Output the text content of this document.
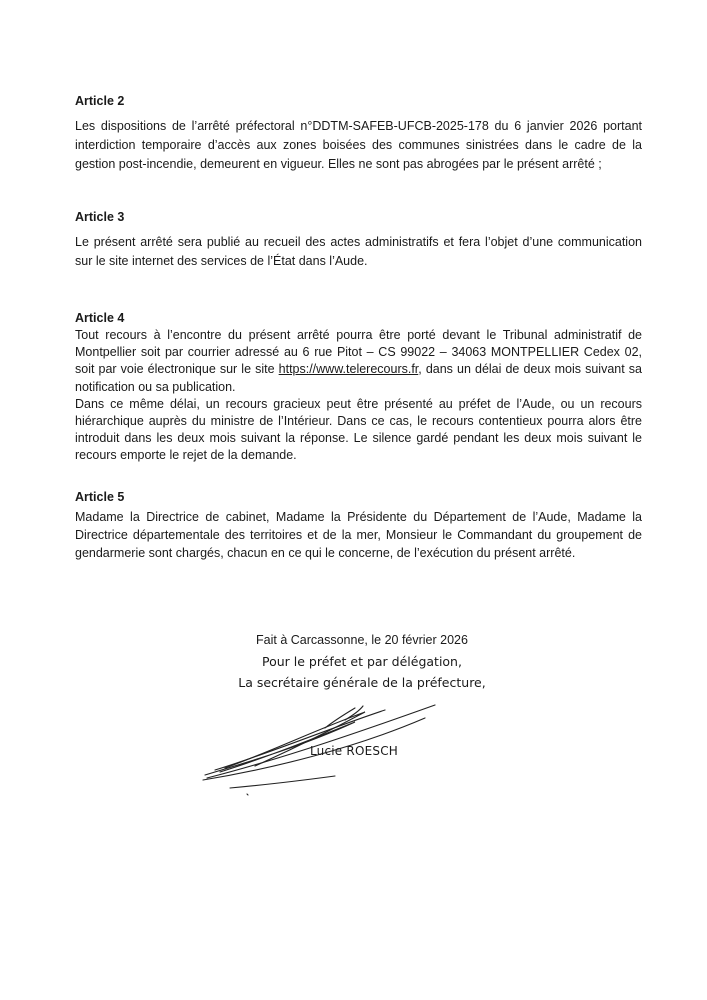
Article 2

Les dispositions de l’arrêté préfectoral n°DDTM-SAFEB-UFCB-2025-178 du 6 janvier 2026 portant interdiction temporaire d’accès aux zones boisées des communes sinistrées dans le cadre de la gestion post-incendie, demeurent en vigueur. Elles ne sont pas abrogées par le présent arrêté ;

Article 3

Le présent arrêté sera publié au recueil des actes administratifs et fera l’objet d’une communication sur le site internet des services de l’État dans l’Aude.

Article 4

Tout recours à l’encontre du présent arrêté pourra être porté devant le Tribunal administratif de Montpellier soit par courrier adressé au 6 rue Pitot – CS 99022 – 34063 MONTPELLIER Cedex 02, soit par voie électronique sur le site https://www.telerecours.fr, dans un délai de deux mois suivant sa notification ou sa publication.

Dans ce même délai, un recours gracieux peut être présenté au préfet de l’Aude, ou un recours hiérarchique auprès du ministre de l’Intérieur. Dans ce cas, le recours contentieux pourra alors être introduit dans les deux mois suivant la réponse. Le silence gardé pendant les deux mois suivant le recours emporte le rejet de la demande.

Article 5

Madame la Directrice de cabinet, Madame la Présidente du Département de l’Aude, Madame la Directrice départementale des territoires et de la mer, Monsieur le Commandant du groupement de gendarmerie sont chargés, chacun en ce qui le concerne, de l’exécution du présent arrêté.

Fait à Carcassonne, le 20 février 2026
Pour le préfet et par délégation,
La secrétaire générale de la préfecture,
Lucie ROESCH
